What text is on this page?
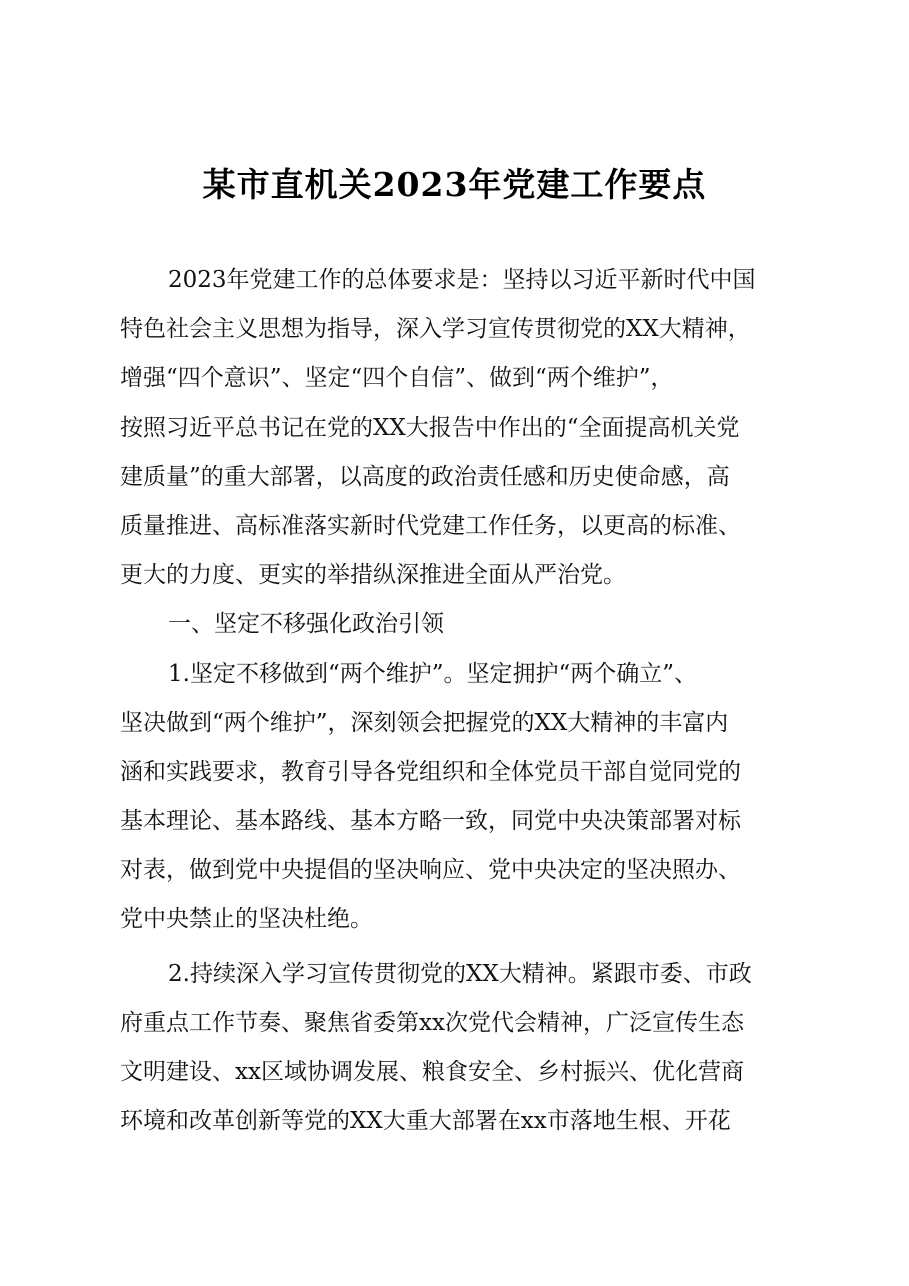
某市直机关2023年党建工作要点
2023年党建工作的总体要求是：坚持以习近平新时代中国
特色社会主义思想为指导，深入学习宣传贯彻党的XX大精神，
增强“四个意识”、坚定“四个自信”、做到“两个维护”，
按照习近平总书记在党的XX大报告中作出的“全面提高机关党
建质量”的重大部署，以高度的政治责任感和历史使命感，高
质量推进、高标准落实新时代党建工作任务，以更高的标准、
更大的力度、更实的举措纵深推进全面从严治党。
一、坚定不移强化政治引领
1.坚定不移做到“两个维护”。坚定拥护“两个确立”、
坚决做到“两个维护”，深刻领会把握党的XX大精神的丰富内
涵和实践要求，教育引导各党组织和全体党员干部自觉同党的
基本理论、基本路线、基本方略一致，同党中央决策部署对标
对表，做到党中央提倡的坚决响应、党中央决定的坚决照办、
党中央禁止的坚决杜绝。
2.持续深入学习宣传贯彻党的XX大精神。紧跟市委、市政
府重点工作节奏、聚焦省委第xx次党代会精神，广泛宣传生态
文明建设、xx区域协调发展、粮食安全、乡村振兴、优化营商
环境和改革创新等党的XX大重大部署在xx市落地生根、开花
